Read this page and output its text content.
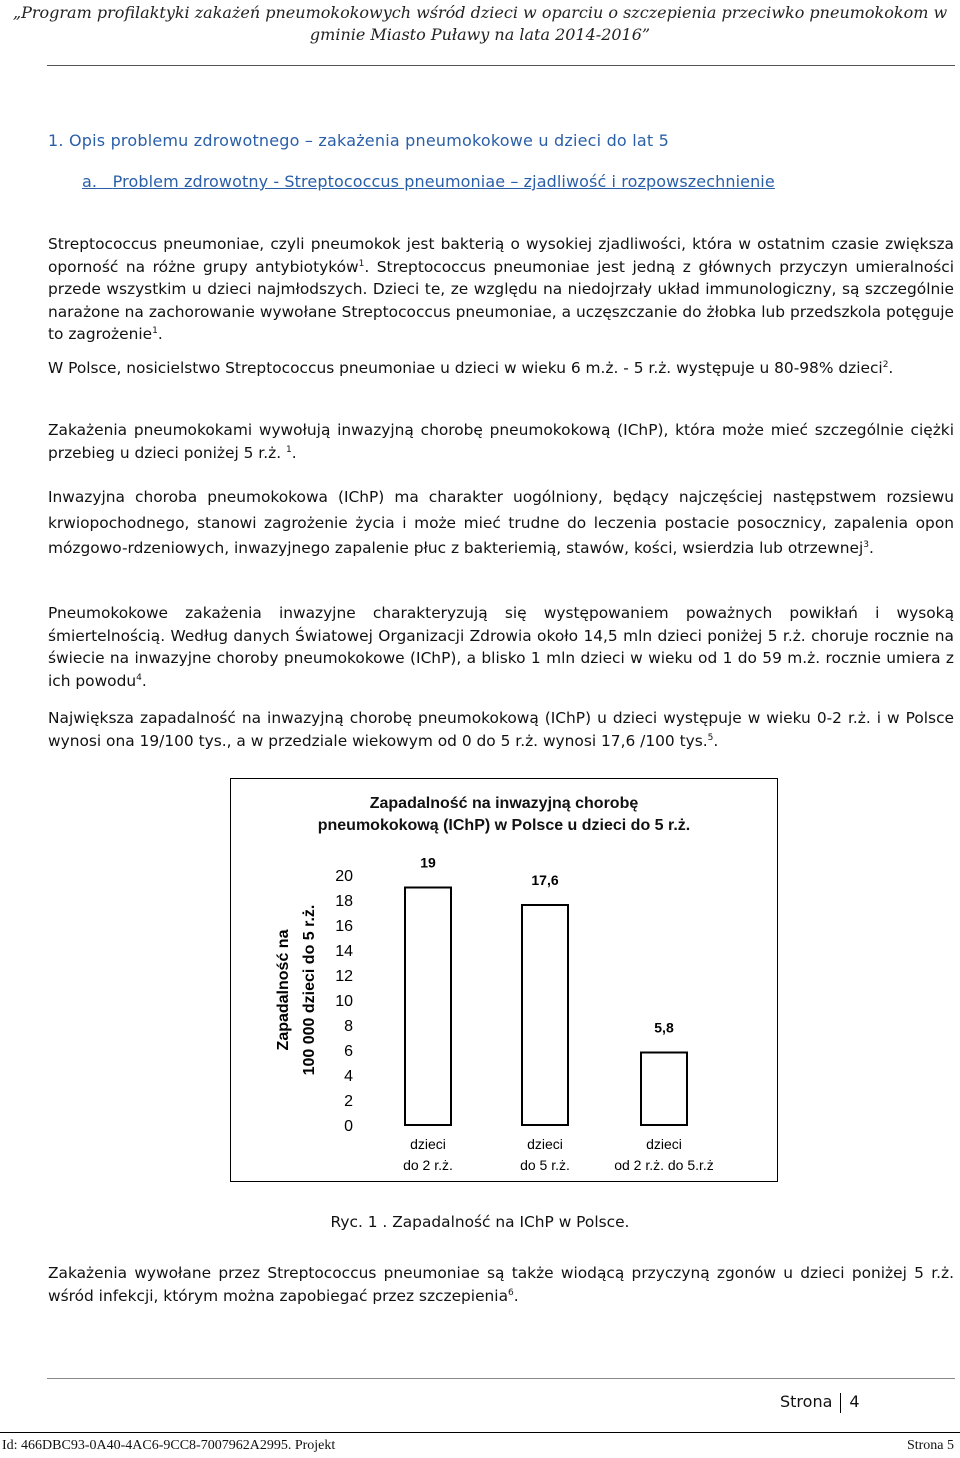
„Program profilaktyki zakażeń pneumokokowych wśród dzieci w oparciu o szczepienia przeciwko pneumokokom w
gminie Miasto Puławy na lata 2014-2016”
1. Opis problemu zdrowotnego – zakażenia pneumokokowe u dzieci do lat 5
a. Problem zdrowotny - Streptococcus pneumoniae – zjadliwość i rozpowszechnienie
Streptococcus pneumoniae, czyli pneumokok jest bakterią o wysokiej zjadliwości, która w ostatnim czasie zwiększa oporność na różne grupy antybiotyków$^1$. Streptococcus pneumoniae jest jedną z głównych przyczyn umieralności przede wszystkim u dzieci najmłodszych. Dzieci te, ze względu na niedojrzały układ immunologiczny, są szczególnie narażone na zachorowanie wywołane Streptococcus pneumoniae, a uczęszczanie do żłobka lub przedszkola potęguje to zagrożenie$^1$.
W Polsce, nosicielstwo Streptococcus pneumoniae u dzieci w wieku 6 m.ż. - 5 r.ż. występuje u 80-98% dzieci$^2$.
Zakażenia pneumokokami wywołują inwazyjną chorobę pneumokokową (IChP), która może mieć szczególnie ciężki przebieg u dzieci poniżej 5 r.ż. $^1$.
Inwazyjna choroba pneumokokowa (IChP) ma charakter uogólniony, będący najczęściej następstwem rozsiewu krwiopochodnego, stanowi zagrożenie życia i może mieć trudne do leczenia postacie posocznicy, zapalenia opon mózgowo-rdzeniowych, inwazyjnego zapalenie płuc z bakteriemią, stawów, kości, wsierdzia lub otrzewnej$^3$.
Pneumokokowe zakażenia inwazyjne charakteryzują się występowaniem poważnych powikłań i wysoką śmiertelnością. Według danych Światowej Organizacji Zdrowia około 14,5 mln dzieci poniżej 5 r.ż. choruje rocznie na świecie na inwazyjne choroby pneumokokowe (IChP), a blisko 1 mln dzieci w wieku od 1 do 59 m.ż. rocznie umiera z ich powodu$^4$.
Największa zapadalność na inwazyjną chorobę pneumokokową (IChP) u dzieci występuje w wieku 0-2 r.ż. i w Polsce wynosi ona 19/100 tys., a w przedziale wiekowym od 0 do 5 r.ż. wynosi 17,6 /100 tys.$^5$.
Zapadalność na inwazyjną chorobę
pneumokokową (IChP) w Polsce u dzieci do 5 r.ż.
0
2
4
6
8
10
12
14
16
18
20
Zapadalność na 100 000 dzieci do 5 r.ż.
19
dzieci
do 2 r.ż.
17,6
dzieci
do 5 r.ż.
5,8
dzieci
od 2 r.ż. do 5.r.ż
Ryc. 1 . Zapadalność na IChP w Polsce.
Zakażenia wywołane przez Streptococcus pneumoniae są także wiodącą przyczyną zgonów u dzieci poniżej 5 r.ż. wśród infekcji, którym można zapobiegać przez szczepienia$^6$.
Strona 4
Id: 466DBC93-0A40-4AC6-9CC8-7007962A2995. Projekt	Strona 5
